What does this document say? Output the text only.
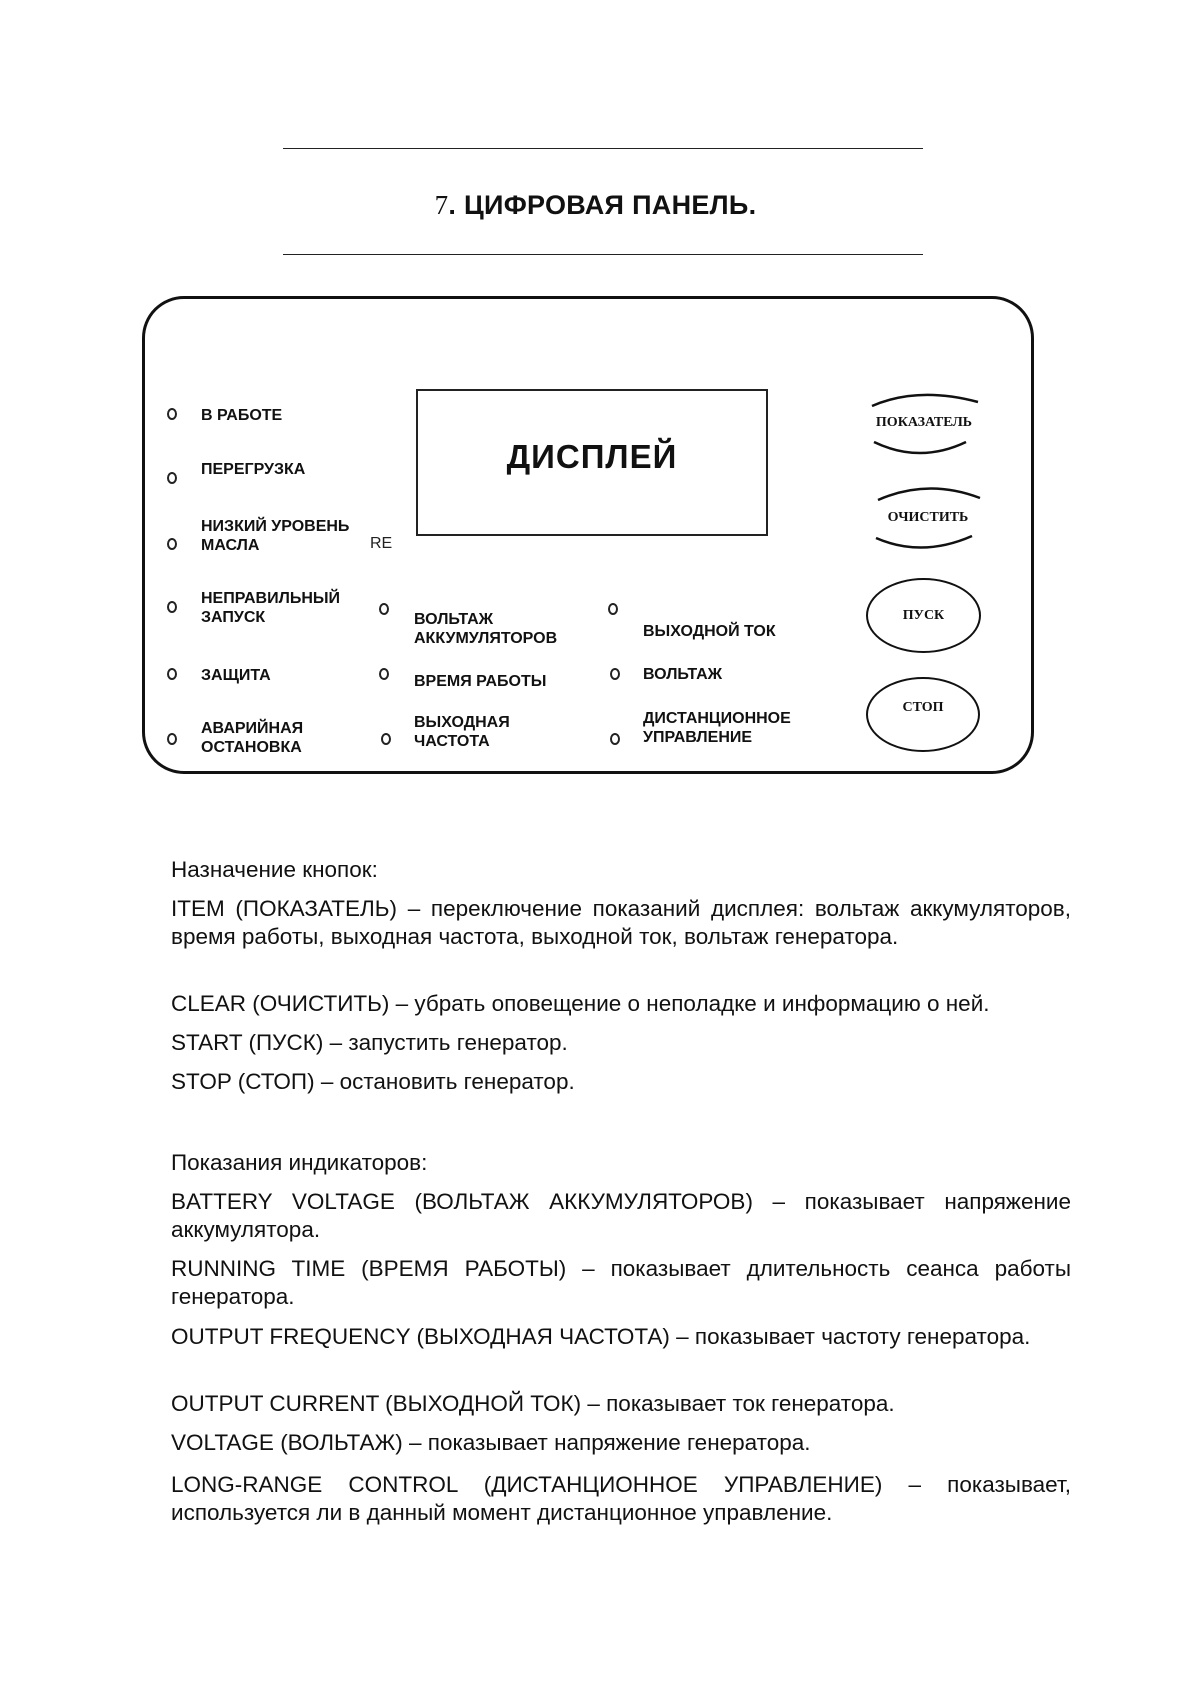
7. ЦИФРОВАЯ ПАНЕЛЬ.
В РАБОТЕ
ПЕРЕГРУЗКА
НИЗКИЙ УРОВЕНЬ
МАСЛА
НЕПРАВИЛЬНЫЙ
ЗАПУСК
ЗАЩИТА
АВАРИЙНАЯ
ОСТАНОВКА
RE
ДИСПЛЕЙ
ВОЛЬТАЖ
АККУМУЛЯТОРОВ
ВРЕМЯ РАБОТЫ
ВЫХОДНАЯ
ЧАСТОТА
ВЫХОДНОЙ ТОК
ВОЛЬТАЖ
ДИСТАНЦИОННОЕ
УПРАВЛЕНИЕ
ПОКАЗАТЕЛЬ
ОЧИСТИТЬ
ПУСК
СТОП
Назначение кнопок:
ITEM (ПОКАЗАТЕЛЬ) – переключение показаний дисплея: вольтаж аккумуляторов, время работы, выходная частота, выходной ток, вольтаж генератора.
CLEAR (ОЧИСТИТЬ) – убрать оповещение о неполадке и информацию о ней.
START (ПУСК) – запустить генератор.
STOP (СТОП) – остановить генератор.
Показания индикаторов:
BATTERY VOLTAGE (ВОЛЬТАЖ АККУМУЛЯТОРОВ) – показывает напряжение аккумулятора.
RUNNING TIME (ВРЕМЯ РАБОТЫ) – показывает длительность сеанса работы генератора.
OUTPUT FREQUENCY (ВЫХОДНАЯ ЧАСТОТА) – показывает частоту генератора.
OUTPUT CURRENT (ВЫХОДНОЙ ТОК) – показывает ток генератора.
VOLTAGE (ВОЛЬТАЖ) – показывает напряжение генератора.
LONG-RANGE CONTROL (ДИСТАНЦИОННОЕ УПРАВЛЕНИЕ) – показывает, используется ли в данный момент дистанционное управление.
